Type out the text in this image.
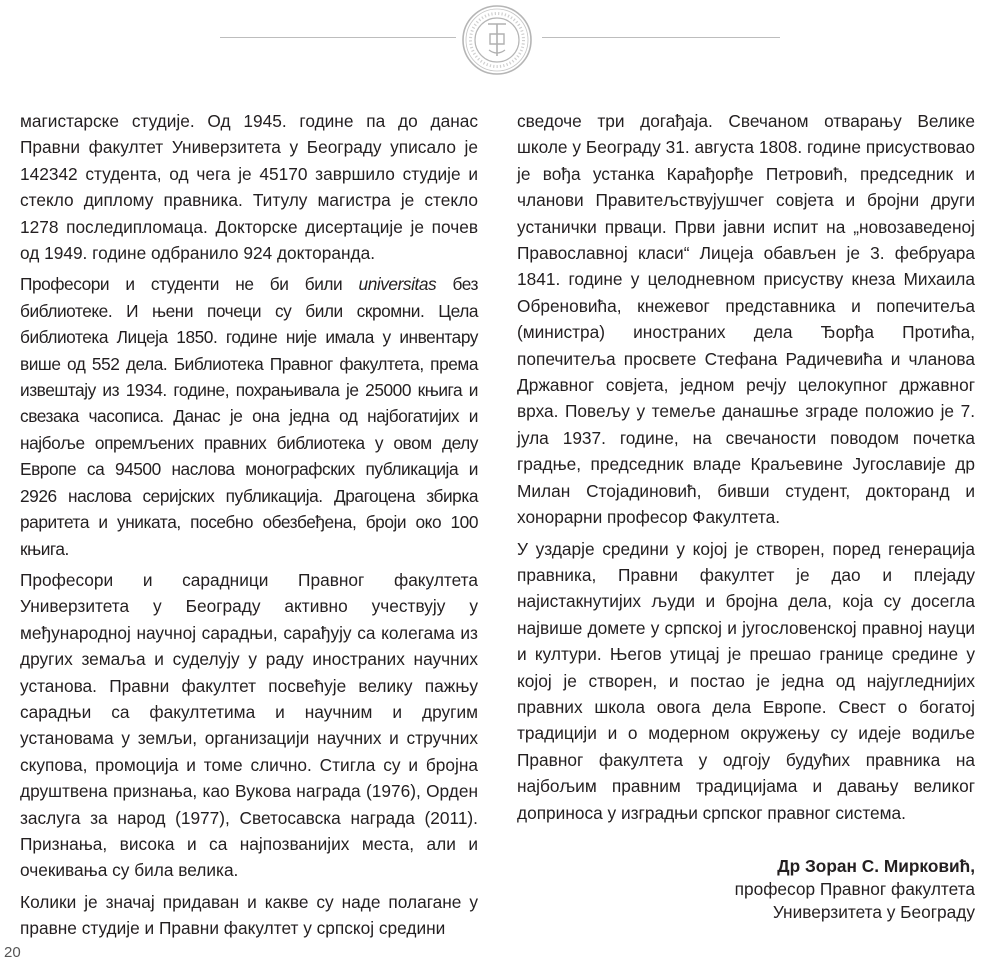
магистарске студије. Од 1945. године па до данас Правни факултет Универзитета у Београду уписало је 142342 студента, од чега је 45170 завршило студије и стекло диплому правника. Титулу магистра је стекло 1278 последипломаца. Докторске дисертације је почев од 1949. године одбранило 924 докторанда.

Професори и студенти не би били universitas без библиотеке. И њени почеци су били скромни. Цела библиотека Лицеја 1850. године није имала у инвентару више од 552 дела. Библиотека Правног факултета, према извештају из 1934. године, похрањивала је 25000 књига и свезака часописа. Данас је она једна од најбогатијих и најбоље опремљених правних библиотека у овом делу Европе са 94500 наслова монографских публикација и 2926 наслова серијских публикација. Драгоцена збирка раритета и уникатa, посебно обезбеђена, броји око 100 књига.

Професори и сарадници Правног факултета Универзитета у Београду активно учествују у међународној научној сарадњи, сарађују са колегама из других земаља и суделују у раду иностраних научних установа. Правни факултет посвећује велику пажњу сарадњи са факултетима и научним и другим установама у земљи, организацији научних и стручних скупова, промоција и томе слично. Стигла су и бројна друштвена признања, као Вукова награда (1976), Орден заслуга за народ (1977), Светосавска награда (2011). Признања, висока и са најпозванијих места, али и очекивања су била велика.

Колики је значај придаван и какве су наде полагане у правне студије и Правни факултет у српској средини

сведоче три догађаја. Свечаном отварању Велике школе у Београду 31. августа 1808. године присуствовао је вођа устанка Карађорђе Петровић, председник и чланови Правитељствујушчег совјета и бројни други устанички прваци. Први јавни испит на „новозаведеној Православној класи“ Лицеја обављен је 3. фебруара 1841. године у целодневном присуству кнеза Михаила Обреновића, кнежевог представника и попечитеља (министра) иностраних дела Ђорђа Протића, попечитеља просвете Стефана Радичевића и чланова Државног совјета, једном речју целокупног државног врха. Повељу у темеље данашње зграде положио је 7. јула 1937. године, на свечаности поводом почетка градње, председник владе Краљевине Југославије др Милан Стојадиновић, бивши студент, докторанд и хонорарни професор Факултета.

У уздарје средини у којој је створен, поред генерација правника, Правни факултет је дао и плејаду најистакнутијих људи и бројна дела, која су досегла највише домете у српској и југословенској правној науци и култури. Његов утицај је прешао границе средине у којој је створен, и постао је једна од најугледнијих правних школа овога дела Европе. Свест о богатој традицији и о модерном окружењу су идеје водиље Правног факултета у одгоју будућих правника на најбољим правним традицијама и давању великог доприноса у изградњи српског правног система.

Др Зоран С. Мирковић,
професор Правног факултета
Универзитета у Београду
20
